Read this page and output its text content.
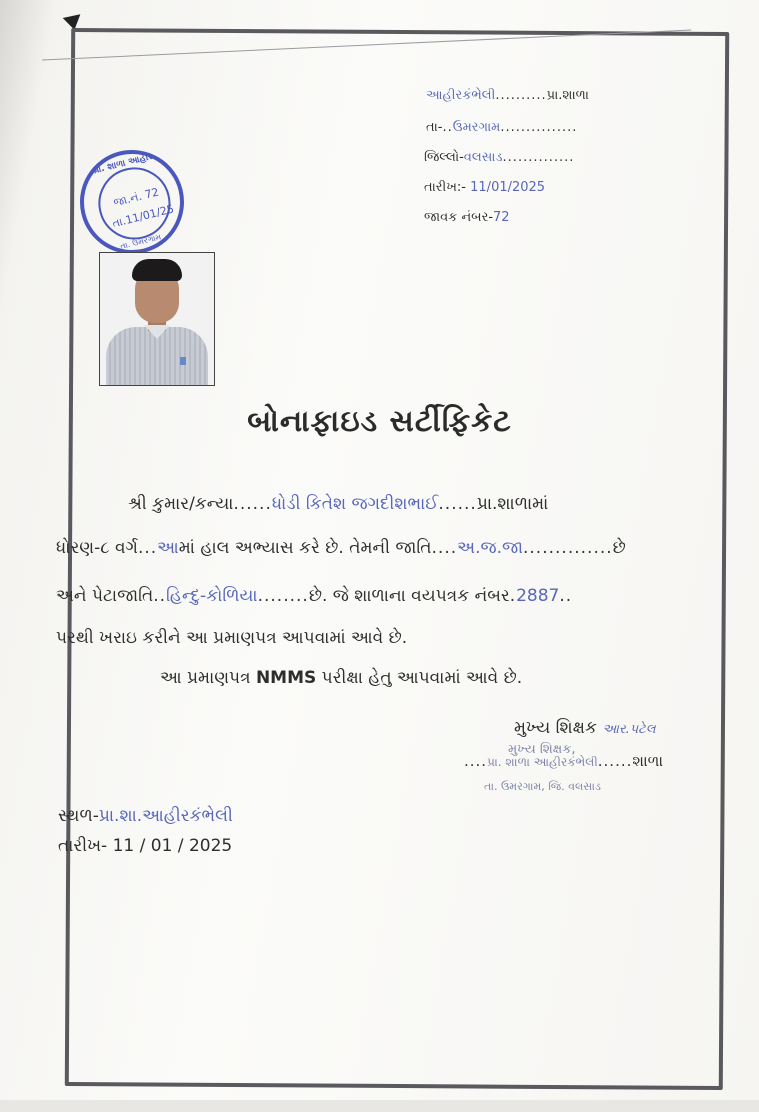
આહીરકંભેલી..........પ્રા.શાળા
તા-..ઉમરગામ...............
જિલ્લો-વલસાડ..............
તારીખ:- 11/01/2025
જાવક નંબર-72
પ્રા. શાળા આહીર
જા.નં. 72
તા.11/01/25
તા. ઉમરગામ
બોનાફાઇડ સર્ટીફિકેટ
શ્રી કુમાર/કન્યા......ધોડી કિતેશ જગદીશભાઈ......પ્રા.શાળામાં
ધોરણ-૮ વર્ગ...આમાં હાલ અભ્યાસ કરે છે. તેમની જાતિ....અ.જ.જા..............છે
અને પેટાજાતિ..હિન્દુ-કોળિયા........છે. જે શાળાના વયપત્રક નંબર.2887..
પરથી ખરાઇ કરીને આ પ્રમાણપત્ર આપવામાં આવે છે.
આ પ્રમાણપત્ર NMMS પરીક્ષા હેતુ આપવામાં આવે છે.
મુખ્ય શિક્ષક આર.પટેલ
મુખ્ય શિક્ષક,
....પ્રા. શાળા આહીરકંભેલી......શાળા
તા. ઉમરગામ, જિ. વલસાડ
સ્થળ-પ્રા.શા.આહીરકંભેલી
તારીખ- 11 / 01 / 2025
